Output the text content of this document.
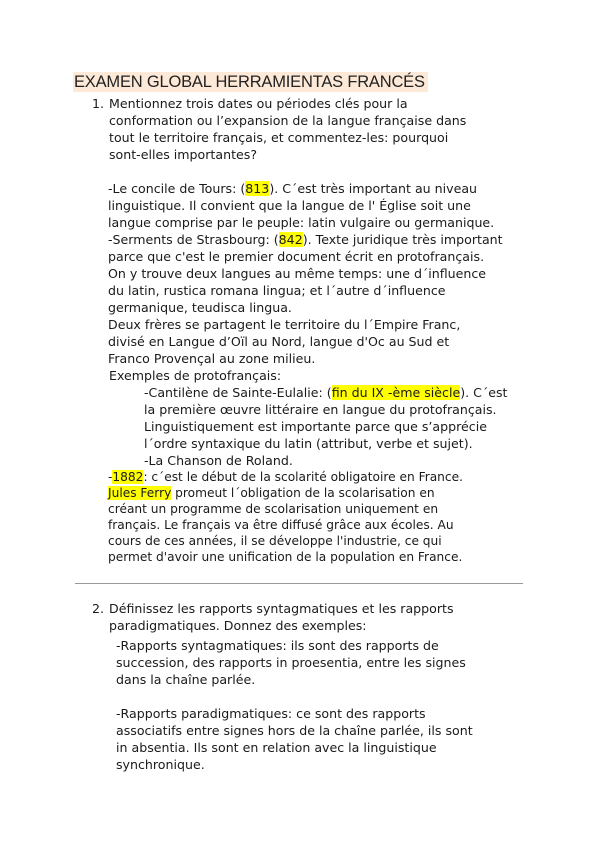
EXAMEN GLOBAL HERRAMIENTAS FRANCÉS
1. Mentionnez trois dates ou périodes clés pour la
conformation ou l’expansion de la langue française dans
tout le territoire français, et commentez-les: pourquoi
sont-elles importantes?
-Le concile de Tours: (813). C´est très important au niveau
linguistique. Il convient que la langue de l' Église soit une
langue comprise par le peuple: latin vulgaire ou germanique.
-Serments de Strasbourg: (842). Texte juridique très important
parce que c'est le premier document écrit en protofrançais.
On y trouve deux langues au même temps: une d´influence
du latin, rustica romana lingua; et l´autre d´influence
germanique, teudisca lingua.
Deux frères se partagent le territoire du l´Empire Franc,
divisé en Langue d’Oïl au Nord, langue d'Oc au Sud et
Franco Provençal au zone milieu.
Exemples de protofrançais:
-Cantilène de Sainte-Eulalie: (fin du IX -ème siècle). C´est
la première œuvre littéraire en langue du protofrançais.
Linguistiquement est importante parce que s’apprécie
l´ordre syntaxique du latin (attribut, verbe et sujet).
-La Chanson de Roland.
-1882: c´est le début de la scolarité obligatoire en France.
Jules Ferry promeut l´obligation de la scolarisation en
créant un programme de scolarisation uniquement en
français. Le français va être diffusé grâce aux écoles. Au
cours de ces années, il se développe l'industrie, ce qui
permet d'avoir une unification de la population en France.
2. Définissez les rapports syntagmatiques et les rapports
paradigmatiques. Donnez des exemples:
-Rapports syntagmatiques: ils sont des rapports de
succession, des rapports in proesentia, entre les signes
dans la chaîne parlée.
-Rapports paradigmatiques: ce sont des rapports
associatifs entre signes hors de la chaîne parlée, ils sont
in absentia. Ils sont en relation avec la linguistique
synchronique.
